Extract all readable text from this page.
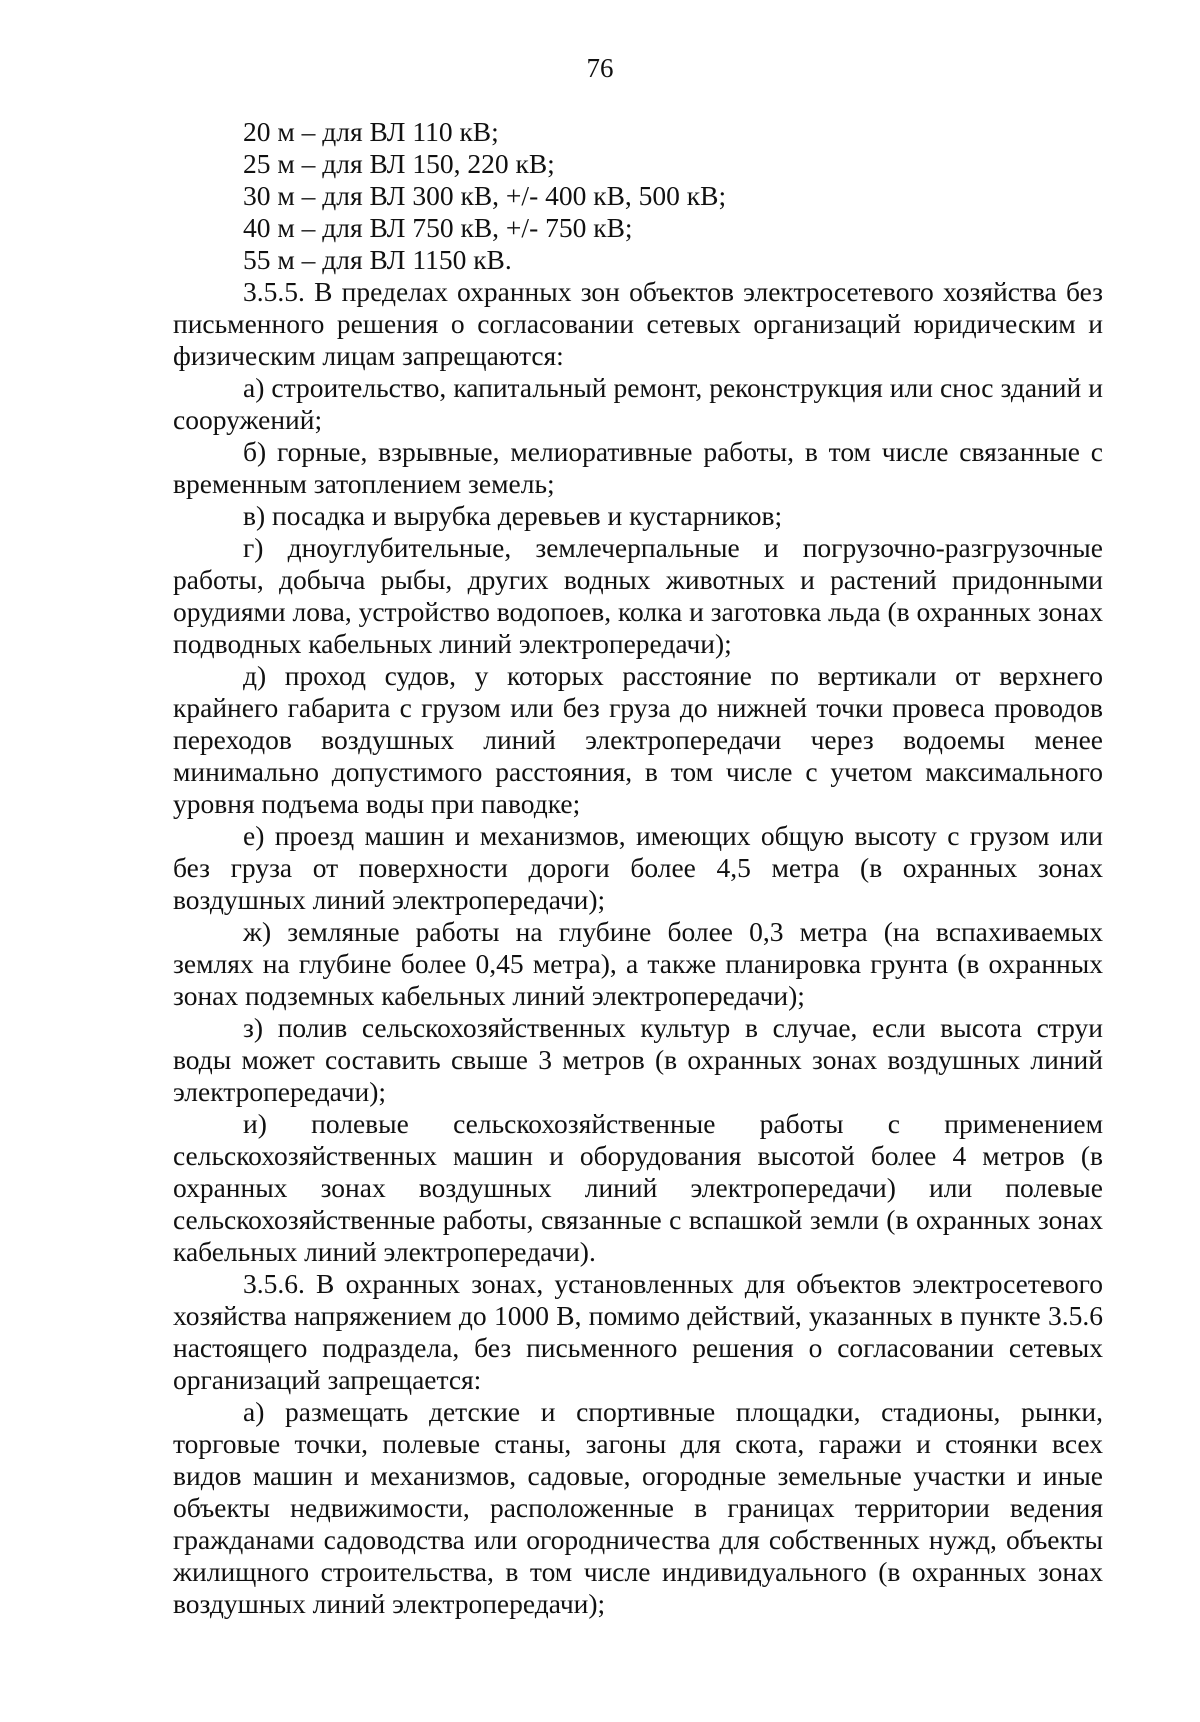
76

20 м – для ВЛ 110 кВ;

25 м – для ВЛ 150, 220 кВ;

30 м – для ВЛ 300 кВ, +/- 400 кВ, 500 кВ;

40 м – для ВЛ 750 кВ, +/- 750 кВ;

55 м – для ВЛ 1150 кВ.

3.5.5. В пределах охранных зон объектов электросетевого хозяйства без письменного решения о согласовании сетевых организаций юридическим и физическим лицам запрещаются:

а) строительство, капитальный ремонт, реконструкция или снос зданий и сооружений;

б) горные, взрывные, мелиоративные работы, в том числе связанные с временным затоплением земель;

в) посадка и вырубка деревьев и кустарников;

г) дноуглубительные, землечерпальные и погрузочно-разгрузочные работы, добыча рыбы, других водных животных и растений придонными орудиями лова, устройство водопоев, колка и заготовка льда (в охранных зонах подводных кабельных линий электропередачи);

д) проход судов, у которых расстояние по вертикали от верхнего крайнего габарита с грузом или без груза до нижней точки провеса проводов переходов воздушных линий электропередачи через водоемы менее минимально допустимого расстояния, в том числе с учетом максимального уровня подъема воды при паводке;

е) проезд машин и механизмов, имеющих общую высоту с грузом или без груза от поверхности дороги более 4,5 метра (в охранных зонах воздушных линий электропередачи);

ж) земляные работы на глубине более 0,3 метра (на вспахиваемых землях на глубине более 0,45 метра), а также планировка грунта (в охранных зонах подземных кабельных линий электропередачи);

з) полив сельскохозяйственных культур в случае, если высота струи воды может составить свыше 3 метров (в охранных зонах воздушных линий электропередачи);

и) полевые сельскохозяйственные работы с применением сельскохозяйственных машин и оборудования высотой более 4 метров (в охранных зонах воздушных линий электропередачи) или полевые сельскохозяйственные работы, связанные с вспашкой земли (в охранных зонах кабельных линий электропередачи).

3.5.6. В охранных зонах, установленных для объектов электросетевого хозяйства напряжением до 1000 В, помимо действий, указанных в пункте 3.5.6 настоящего подраздела, без письменного решения о согласовании сетевых организаций запрещается:

а) размещать детские и спортивные площадки, стадионы, рынки, торговые точки, полевые станы, загоны для скота, гаражи и стоянки всех видов машин и механизмов, садовые, огородные земельные участки и иные объекты недвижимости, расположенные в границах территории ведения гражданами садоводства или огородничества для собственных нужд, объекты жилищного строительства, в том числе индивидуального (в охранных зонах воздушных линий электропередачи);
